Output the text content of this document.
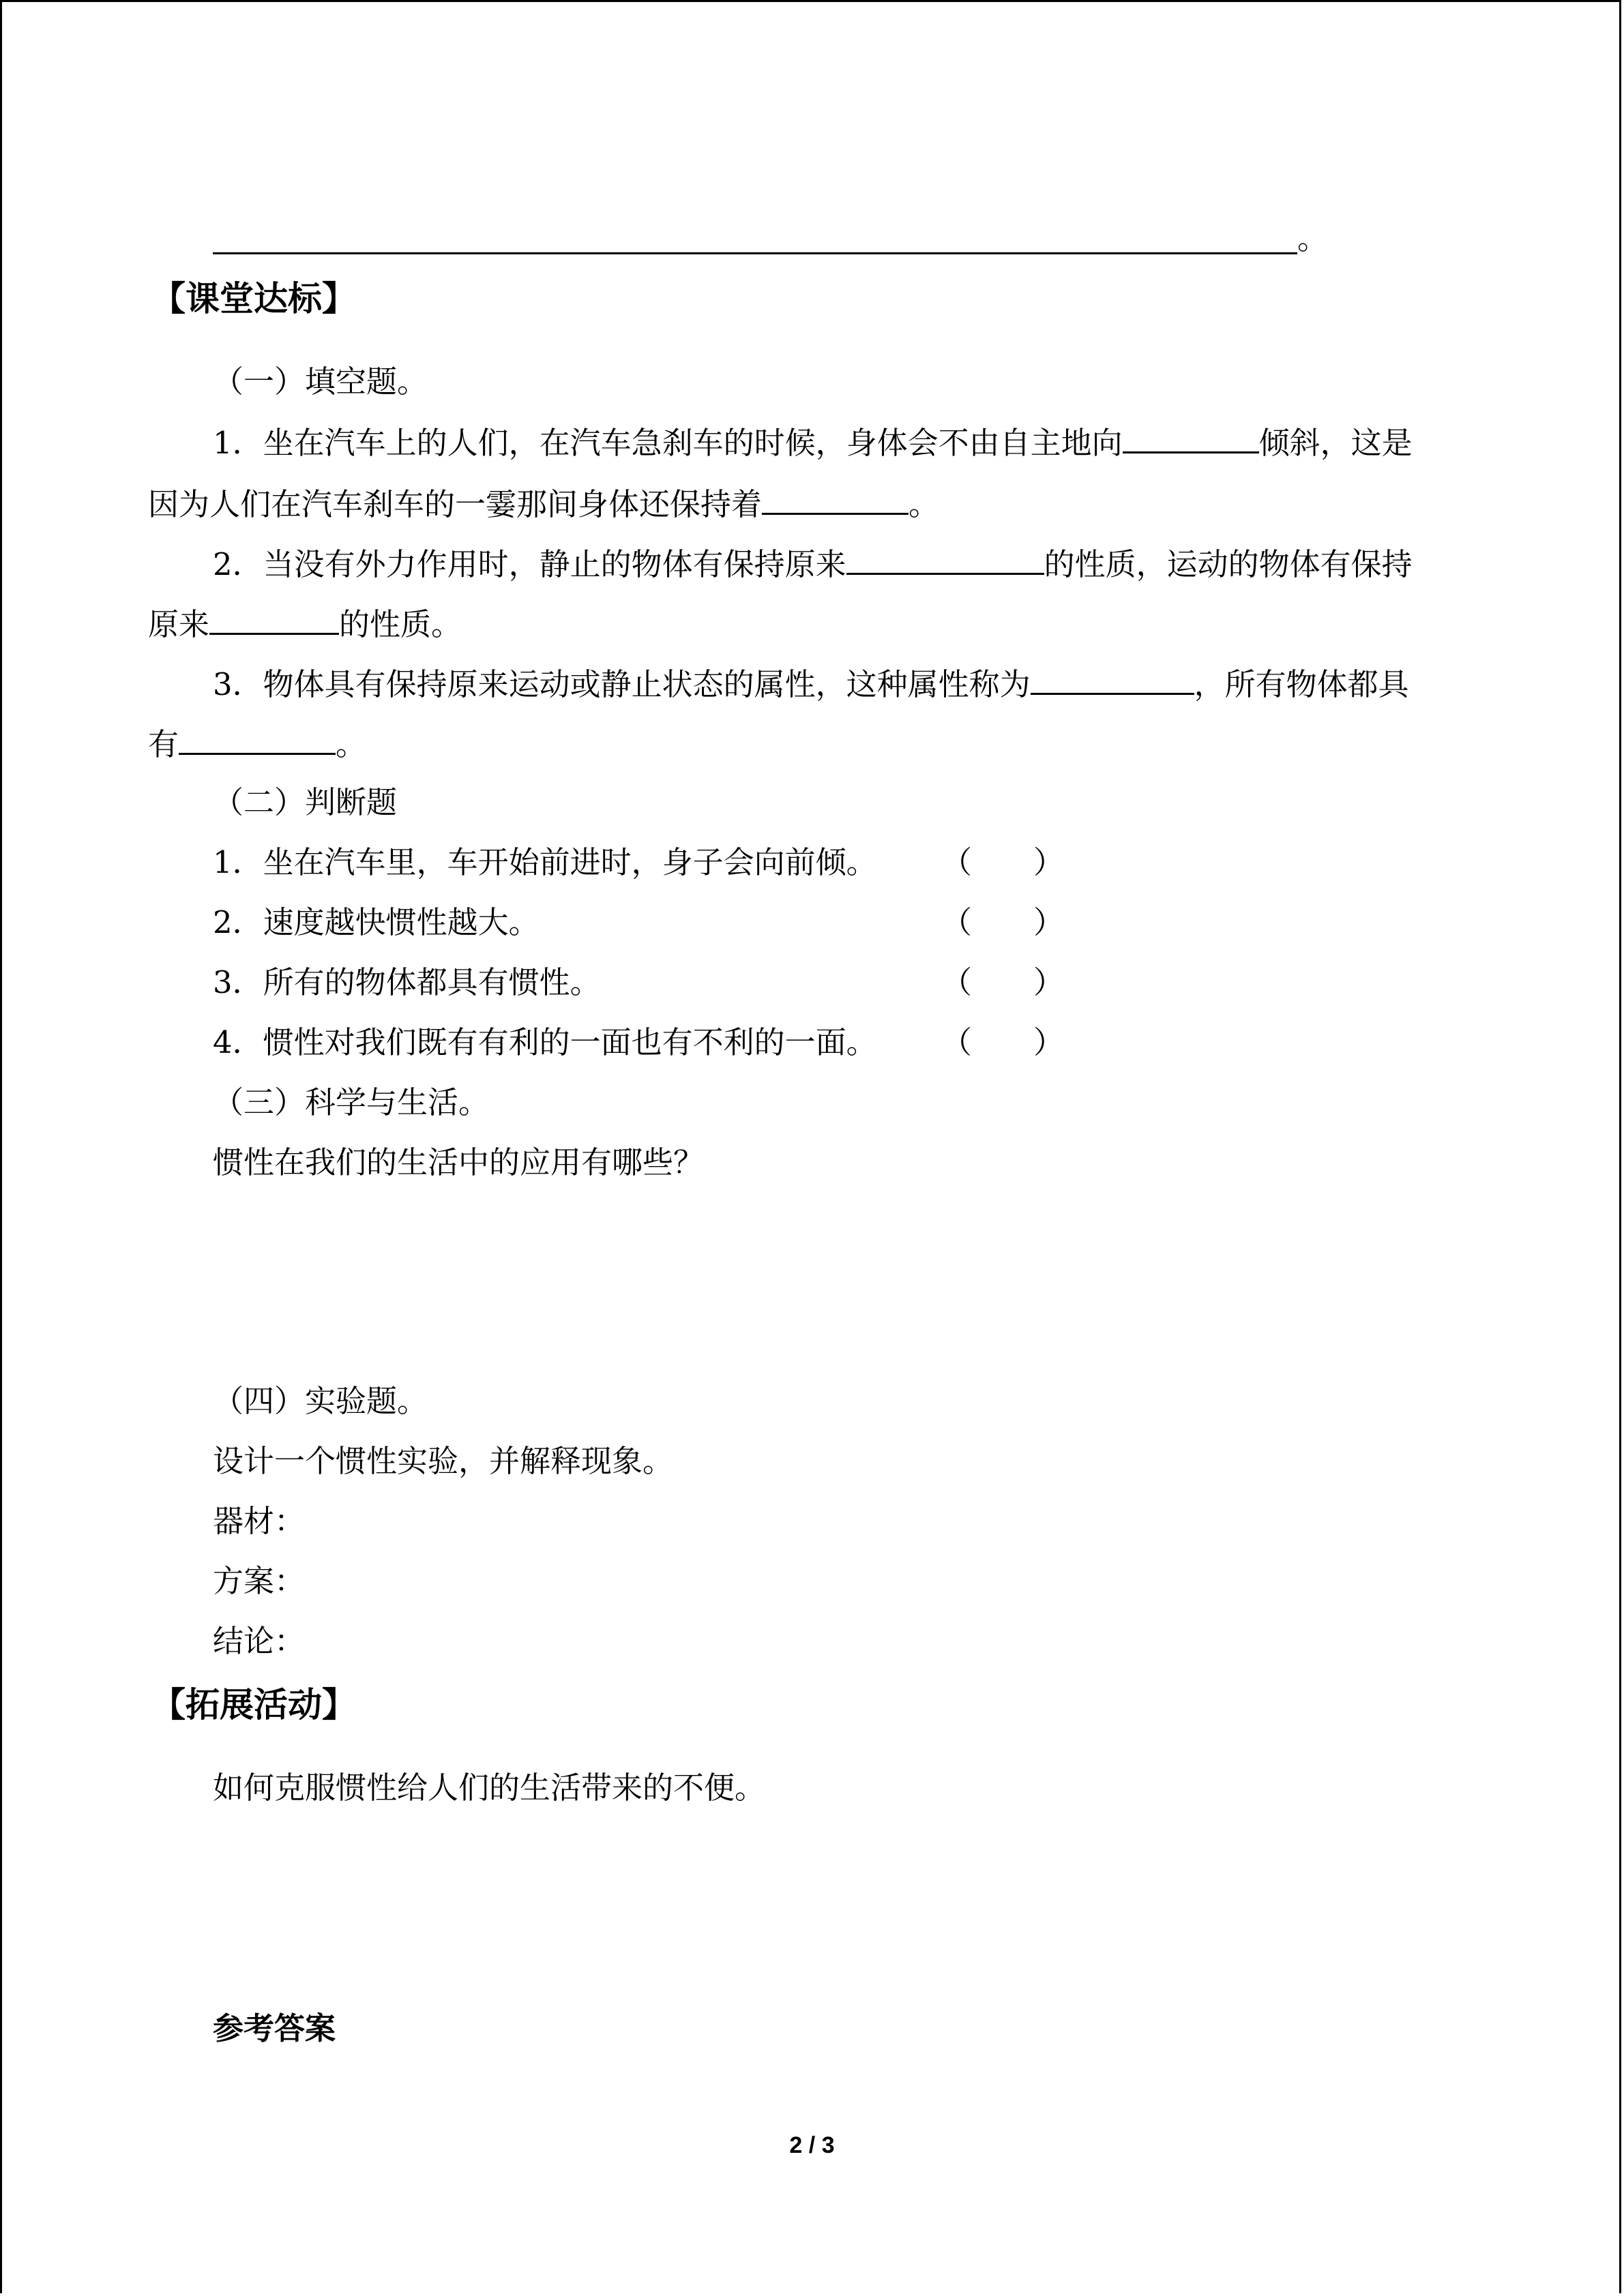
。
【课堂达标】
（一）填空题。
1．坐在汽车上的人们，在汽车急刹车的时候，身体会不由自主地向	倾斜，这是
因为人们在汽车刹车的一霎那间身体还保持着	。
2．当没有外力作用时，静止的物体有保持原来	的性质，运动的物体有保持
原来	的性质。
3．物体具有保持原来运动或静止状态的属性，这种属性称为	，所有物体都具
有	。
（二）判断题
1．坐在汽车里，车开始前进时，身子会向前倾。 （　　）
2．速度越快惯性越大。	（　　）
3．所有的物体都具有惯性。	（　　）
4．惯性对我们既有有利的一面也有不利的一面。 （　　）
（三）科学与生活。
惯性在我们的生活中的应用有哪些？
（四）实验题。
设计一个惯性实验，并解释现象。
器材：
方案：
结论：
【拓展活动】
如何克服惯性给人们的生活带来的不便。
参考答案
2 / 3
